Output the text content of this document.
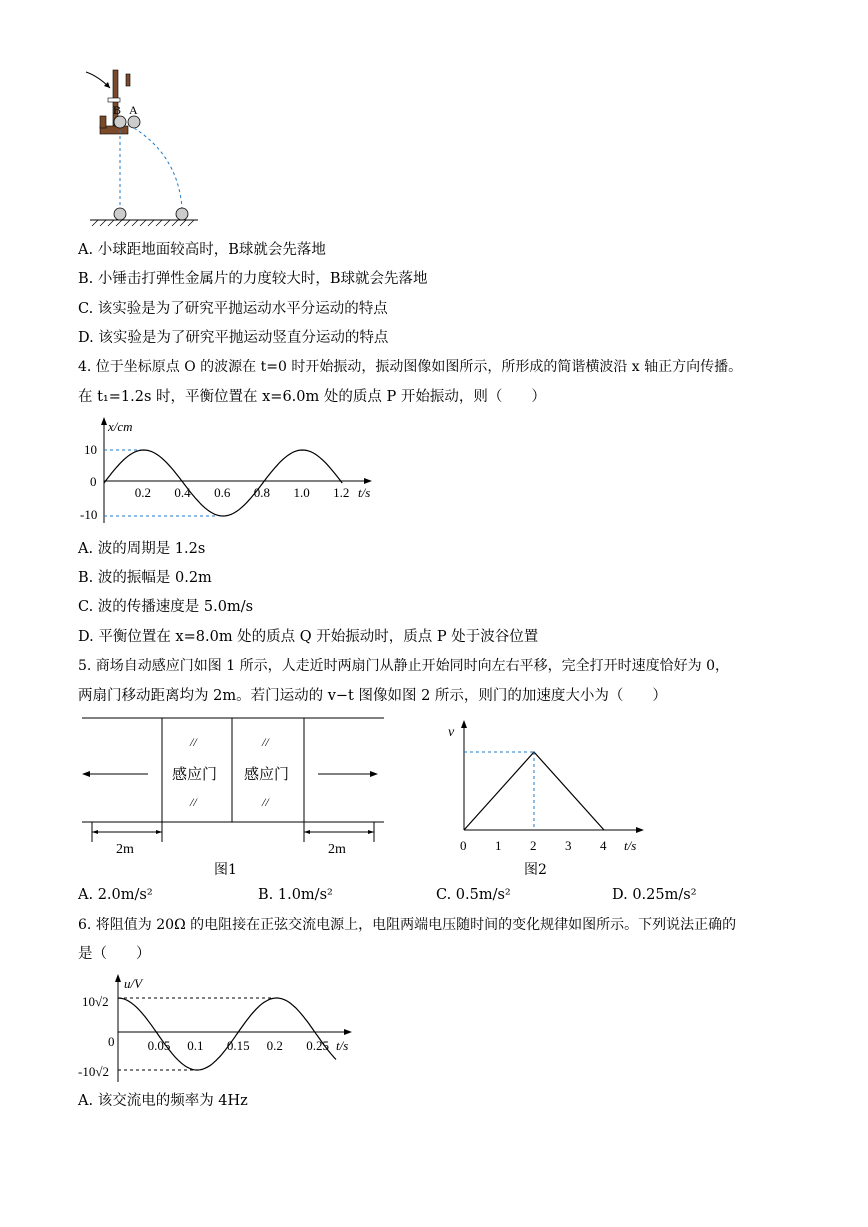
B A
A. 小球距地面较高时，B球就会先落地
B. 小锤击打弹性金属片的力度较大时，B球就会先落地
C. 该实验是为了研究平抛运动水平分运动的特点
D. 该实验是为了研究平抛运动竖直分运动的特点
4. 位于坐标原点 O 的波源在 t=0 时开始振动，振动图像如图所示，所形成的简谐横波沿 x 轴正方向传播。
在 t₁=1.2s 时，平衡位置在 x=6.0m 处的质点 P 开始振动，则（　　）
x/cm
t/s
10
0
-10
0.2 0.4 0.6 0.8 1.0 1.2
A. 波的周期是 1.2s
B. 波的振幅是 0.2m
C. 波的传播速度是 5.0m/s
D. 平衡位置在 x=8.0m 处的质点 Q 开始振动时，质点 P 处于波谷位置
5. 商场自动感应门如图 1 所示，人走近时两扇门从静止开始同时向左右平移，完全打开时速度恰好为 0，
两扇门移动距离均为 2m。若门运动的 v−t 图像如图 2 所示，则门的加速度大小为（　　）
//	//
//	//
感应门 感应门
2m	2m
图1
v
t/s
0 1 2 3 4
图2
A. 2.0m/s²	B. 1.0m/s²	C. 0.5m/s²	D. 0.25m/s²
6. 将阻值为 20Ω 的电阻接在正弦交流电源上，电阻两端电压随时间的变化规律如图所示。下列说法正确的
是（　　）
u/V
t/s
10√2
0
-10√2
0.05 0.1 0.15 0.2 0.25
A. 该交流电的频率为 4Hz
